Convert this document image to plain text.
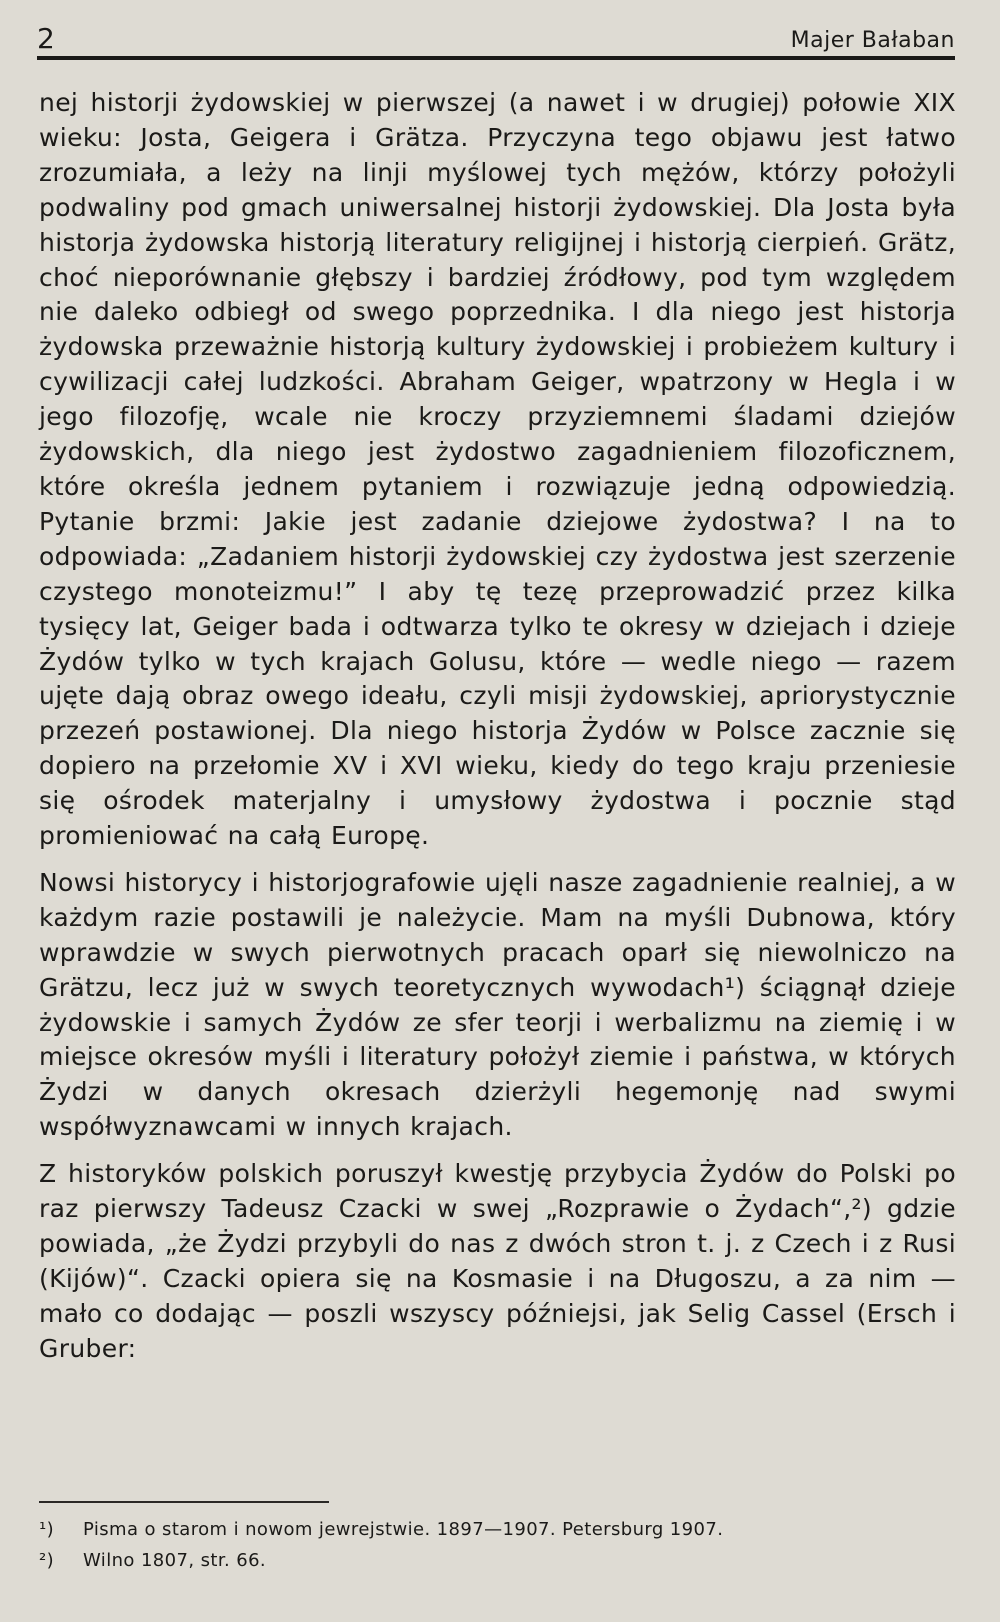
2	Majer Bałaban

nej historji żydowskiej w pierwszej (a nawet i w drugiej) połowie XIX wieku: Josta, Geigera i Grätza. Przyczyna tego objawu jest łatwo zrozumiała, a leży na linji myślowej tych mężów, którzy położyli podwaliny pod gmach uniwersalnej historji żydowskiej. Dla Josta była historja żydowska historją literatury religijnej i historją cierpień. Grätz, choć nieporównanie głębszy i bardziej źródłowy, pod tym względem nie daleko odbiegł od swego poprzednika. I dla niego jest historja żydowska przeważnie historją kultury żydowskiej i probieżem kultury i cywilizacji całej ludzkości. Abraham Geiger, wpatrzony w Hegla i w jego filozofję, wcale nie kroczy przyziemnemi śladami dziejów żydowskich, dla niego jest żydostwo zagadnieniem filozoficznem, które określa jednem pytaniem i rozwiązuje jedną odpowiedzią. Pytanie brzmi: Jakie jest zadanie dziejowe żydostwa? I na to odpowiada: „Zadaniem historji żydowskiej czy żydostwa jest szerzenie czystego monoteizmu!” I aby tę tezę przeprowadzić przez kilka tysięcy lat, Geiger bada i odtwarza tylko te okresy w dziejach i dzieje Żydów tylko w tych krajach Golusu, które — wedle niego — razem ujęte dają obraz owego ideału, czyli misji żydowskiej, apriorystycznie przezeń postawionej. Dla niego historja Żydów w Polsce zacznie się dopiero na przełomie XV i XVI wieku, kiedy do tego kraju przeniesie się ośrodek materjalny i umysłowy żydostwa i pocznie stąd promieniować na całą Europę.

Nowsi historycy i historjografowie ujęli nasze zagadnienie realniej, a w każdym razie postawili je należycie. Mam na myśli Dubnowa, który wprawdzie w swych pierwotnych pracach oparł się niewolniczo na Grätzu, lecz już w swych teoretycznych wywodach¹) ściągnął dzieje żydowskie i samych Żydów ze sfer teorji i werbalizmu na ziemię i w miejsce okresów myśli i literatury położył ziemie i państwa, w których Żydzi w danych okresach dzierżyli hegemonję nad swymi współwyznawcami w innych krajach.

Z historyków polskich poruszył kwestję przybycia Żydów do Polski po raz pierwszy Tadeusz Czacki w swej „Rozprawie o Żydach“,²) gdzie powiada, „że Żydzi przybyli do nas z dwóch stron t. j. z Czech i z Rusi (Kijów)“. Czacki opiera się na Kosmasie i na Długoszu, a za nim — mało co dodając — poszli wszyscy późniejsi, jak Selig Cassel (Ersch i Gruber:

¹)	Pisma o starom i nowom jewrejstwie. 1897—1907. Petersburg 1907.
²)	Wilno 1807, str. 66.
